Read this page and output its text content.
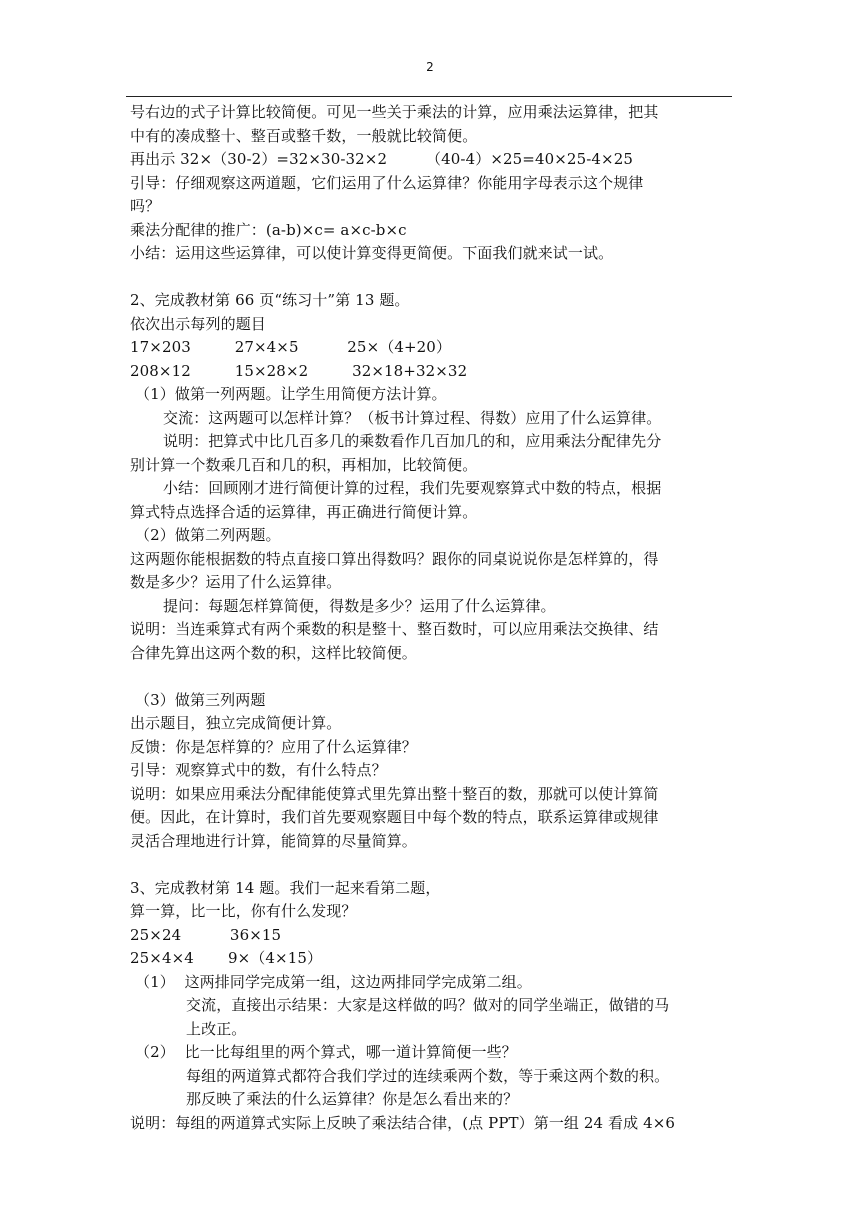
2
号右边的式子计算比较简便。可见一些关于乘法的计算，应用乘法运算律，把其
中有的凑成整十、整百或整千数，一般就比较简便。
再出示 32×（30-2）=32×30-32×2        （40-4）×25=40×25-4×25
引导：仔细观察这两道题，它们运用了什么运算律？你能用字母表示这个规律
吗？
乘法分配律的推广：(a-b)×c= a×c-b×c
小结：运用这些运算律，可以使计算变得更简便。下面我们就来试一试。
2、完成教材第 66 页“练习十”第 13 题。
依次出示每列的题目
17×203         27×4×5          25×（4+20）
208×12         15×28×2         32×18+32×32
（1）做第一列两题。让学生用简便方法计算。
交流：这两题可以怎样计算？（板书计算过程、得数）应用了什么运算律。
说明：把算式中比几百多几的乘数看作几百加几的和，应用乘法分配律先分
别计算一个数乘几百和几的积，再相加，比较简便。
小结：回顾刚才进行简便计算的过程，我们先要观察算式中数的特点，根据
算式特点选择合适的运算律，再正确进行简便计算。
（2）做第二列两题。
这两题你能根据数的特点直接口算出得数吗？跟你的同桌说说你是怎样算的，得
数是多少？运用了什么运算律。
提问：每题怎样算简便，得数是多少？运用了什么运算律。
说明：当连乘算式有两个乘数的积是整十、整百数时，可以应用乘法交换律、结
合律先算出这两个数的积，这样比较简便。
（3）做第三列两题
出示题目，独立完成简便计算。
反馈：你是怎样算的？应用了什么运算律？
引导：观察算式中的数，有什么特点？
说明：如果应用乘法分配律能使算式里先算出整十整百的数，那就可以使计算简
便。因此，在计算时，我们首先要观察题目中每个数的特点，联系运算律或规律
灵活合理地进行计算，能简算的尽量简算。
3、完成教材第 14 题。我们一起来看第二题，
算一算，比一比，你有什么发现？
25×24          36×15
25×4×4       9×（4×15）
（1）  这两排同学完成第一组，这边两排同学完成第二组。
交流，直接出示结果：大家是这样做的吗？做对的同学坐端正，做错的马
上改正。
（2）  比一比每组里的两个算式，哪一道计算简便一些？
每组的两道算式都符合我们学过的连续乘两个数，等于乘这两个数的积。
那反映了乘法的什么运算律？你是怎么看出来的？
说明：每组的两道算式实际上反映了乘法结合律，(点 PPT）第一组 24 看成 4×6
